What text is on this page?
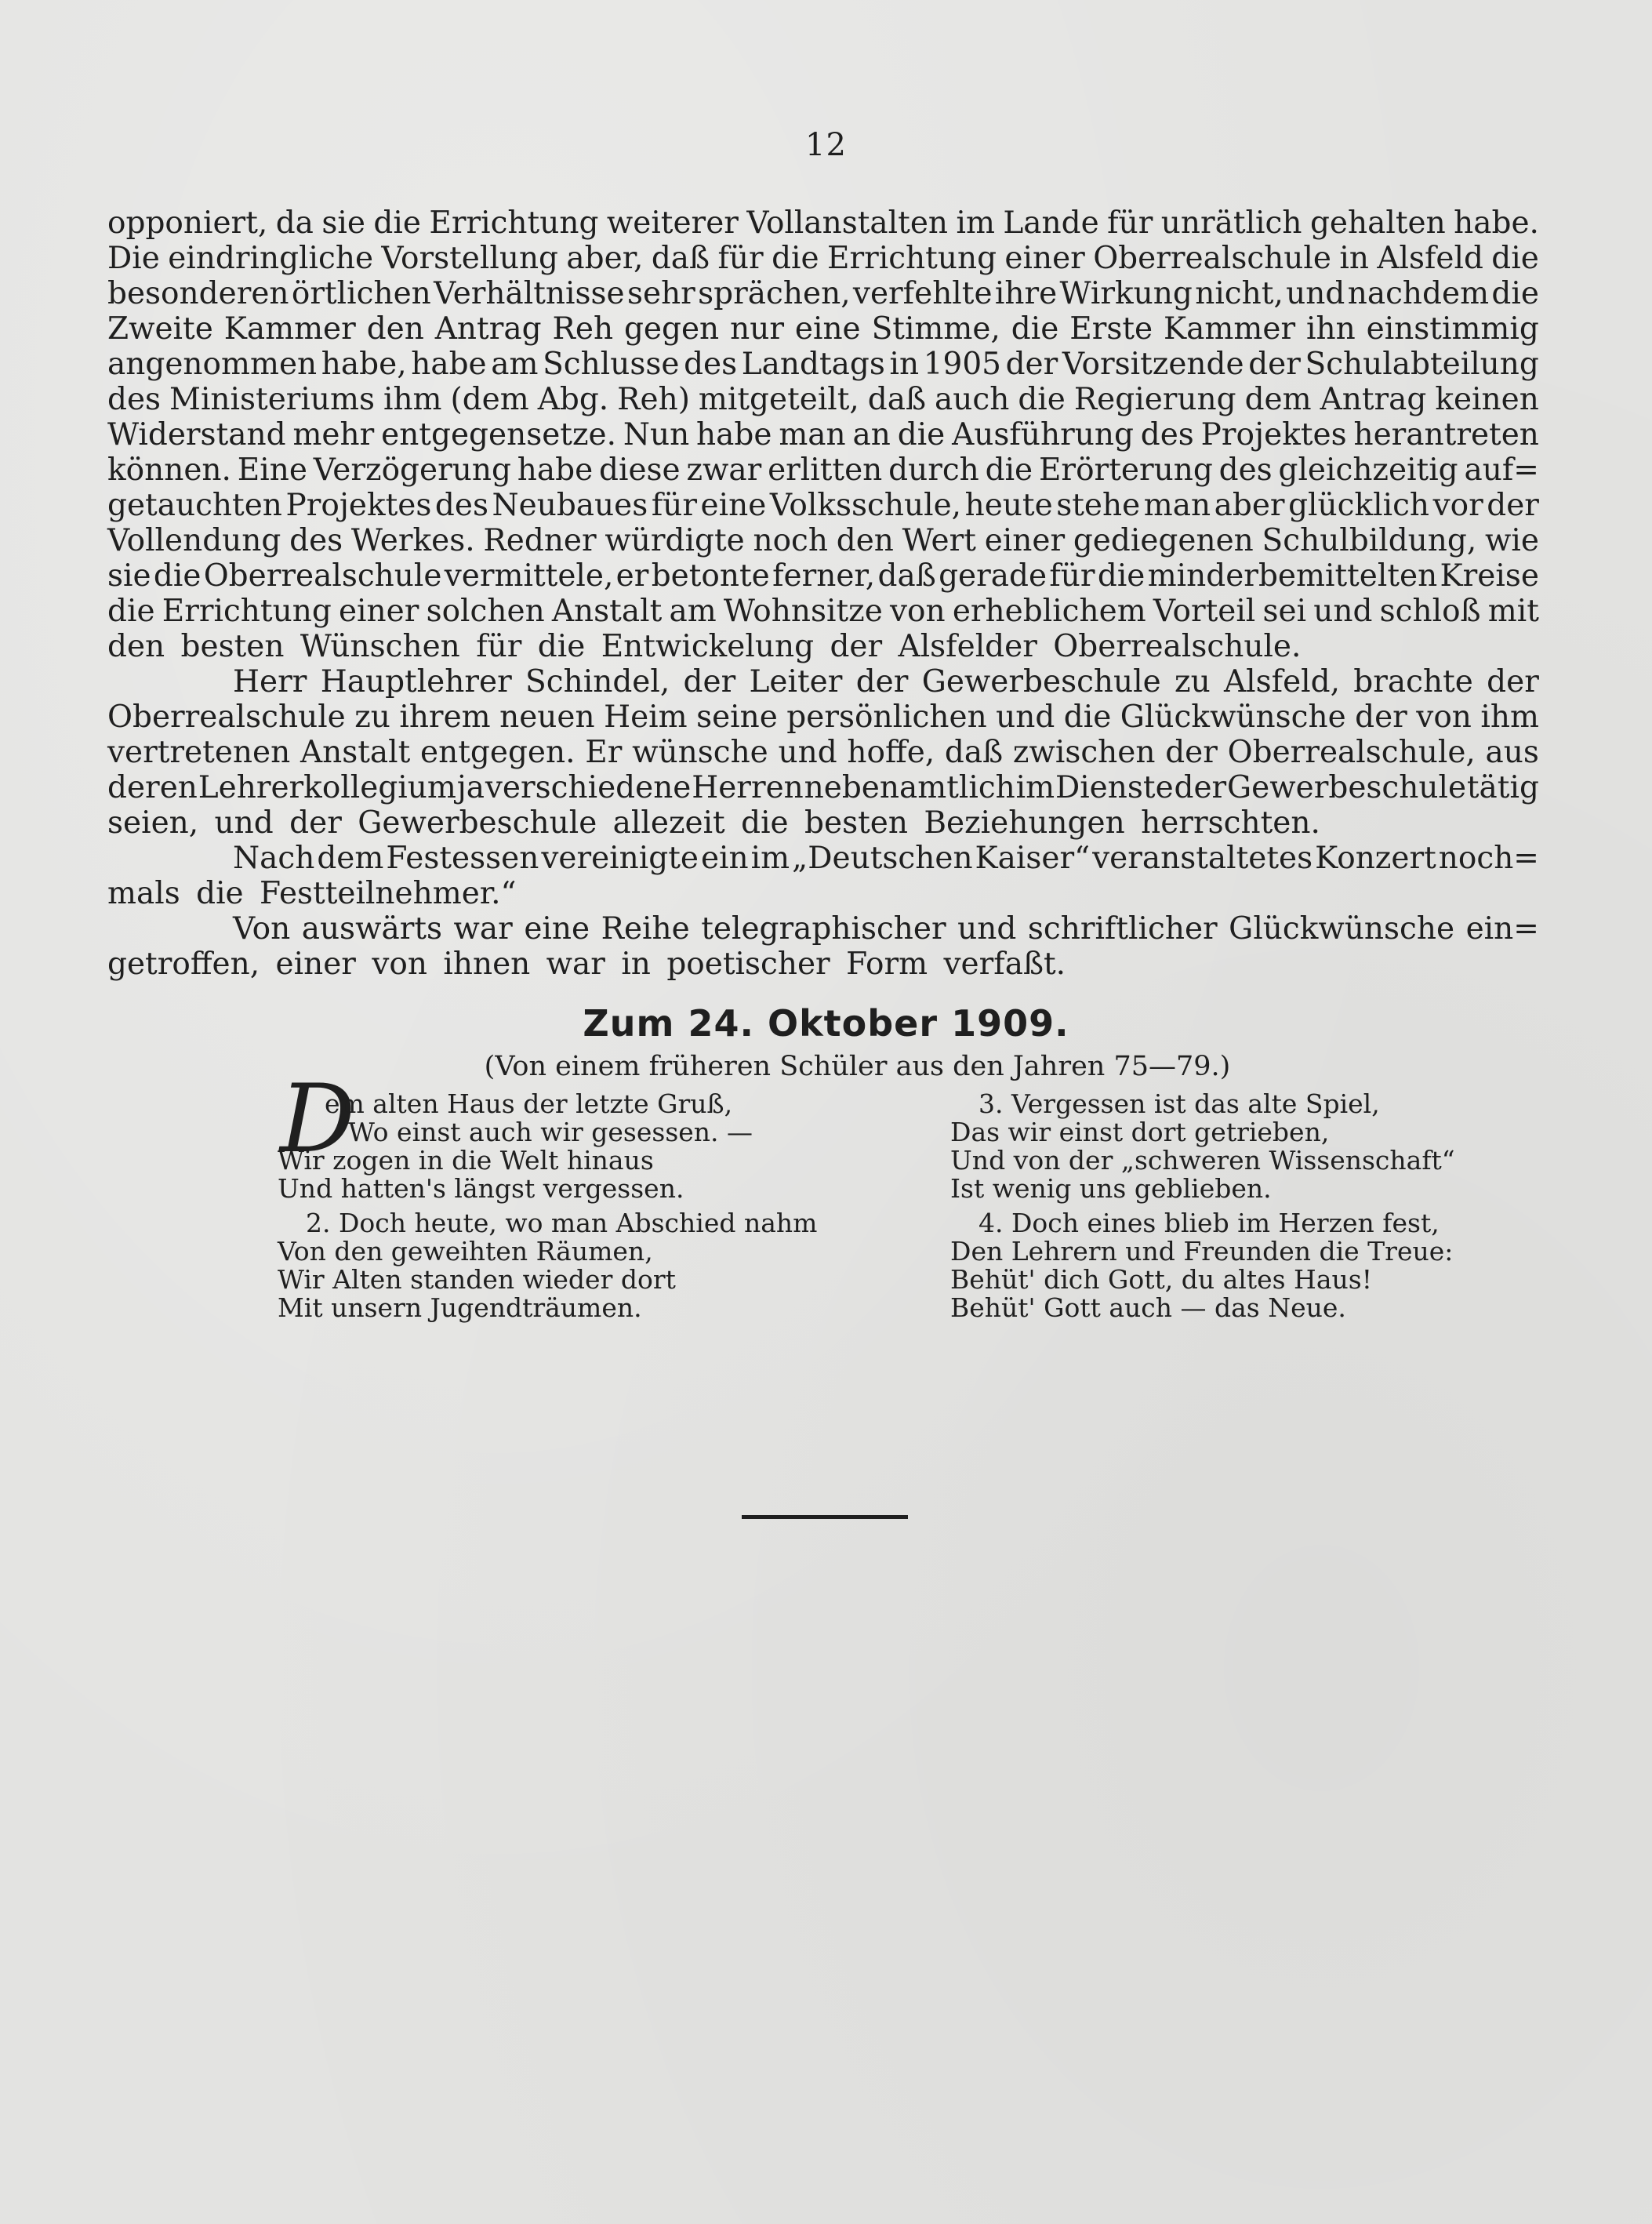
12
opponiert, da sie die Errichtung weiterer Vollanstalten im Lande für unrätlich gehalten habe.
Die eindringliche Vorstellung aber, daß für die Errichtung einer Oberrealschule in Alsfeld die
besonderen örtlichen Verhältnisse sehr sprächen, verfehlte ihre Wirkung nicht, und nachdem die
Zweite Kammer den Antrag Reh gegen nur eine Stimme, die Erste Kammer ihn einstimmig
angenommen habe, habe am Schlusse des Landtags in 1905 der Vorsitzende der Schulabteilung
des Ministeriums ihm (dem Abg. Reh) mitgeteilt, daß auch die Regierung dem Antrag keinen
Widerstand mehr entgegensetze. Nun habe man an die Ausführung des Projektes herantreten
können. Eine Verzögerung habe diese zwar erlitten durch die Erörterung des gleichzeitig auf=
getauchten Projektes des Neubaues für eine Volksschule, heute stehe man aber glücklich vor der
Vollendung des Werkes. Redner würdigte noch den Wert einer gediegenen Schulbildung, wie
sie die Oberrealschule vermittele, er betonte ferner, daß gerade für die minderbemittelten Kreise
die Errichtung einer solchen Anstalt am Wohnsitze von erheblichem Vorteil sei und schloß mit
den besten Wünschen für die Entwickelung der Alsfelder Oberrealschule.
Herr Hauptlehrer Schindel, der Leiter der Gewerbeschule zu Alsfeld, brachte der
Oberrealschule zu ihrem neuen Heim seine persönlichen und die Glückwünsche der von ihm
vertretenen Anstalt entgegen. Er wünsche und hoffe, daß zwischen der Oberrealschule, aus
deren Lehrerkollegium ja verschiedene Herren nebenamtlich im Dienste der Gewerbeschule tätig
seien, und der Gewerbeschule allezeit die besten Beziehungen herrschten.
Nach dem Festessen vereinigte ein im „Deutschen Kaiser“ veranstaltetes Konzert noch=
mals die Festteilnehmer.“
Von auswärts war eine Reihe telegraphischer und schriftlicher Glückwünsche ein=
getroffen, einer von ihnen war in poetischer Form verfaßt.
Zum 24. Oktober 1909.
(Von einem früheren Schüler aus den Jahren 75—79.)
D
em alten Haus der letzte Gruß,
Wo einst auch wir gesessen. —
Wir zogen in die Welt hinaus
Und hatten's längst vergessen.
2. Doch heute, wo man Abschied nahm
Von den geweihten Räumen,
Wir Alten standen wieder dort
Mit unsern Jugendträumen.
3. Vergessen ist das alte Spiel,
Das wir einst dort getrieben,
Und von der „schweren Wissenschaft“
Ist wenig uns geblieben.
4. Doch eines blieb im Herzen fest,
Den Lehrern und Freunden die Treue:
Behüt' dich Gott, du altes Haus!
Behüt' Gott auch — das Neue.
